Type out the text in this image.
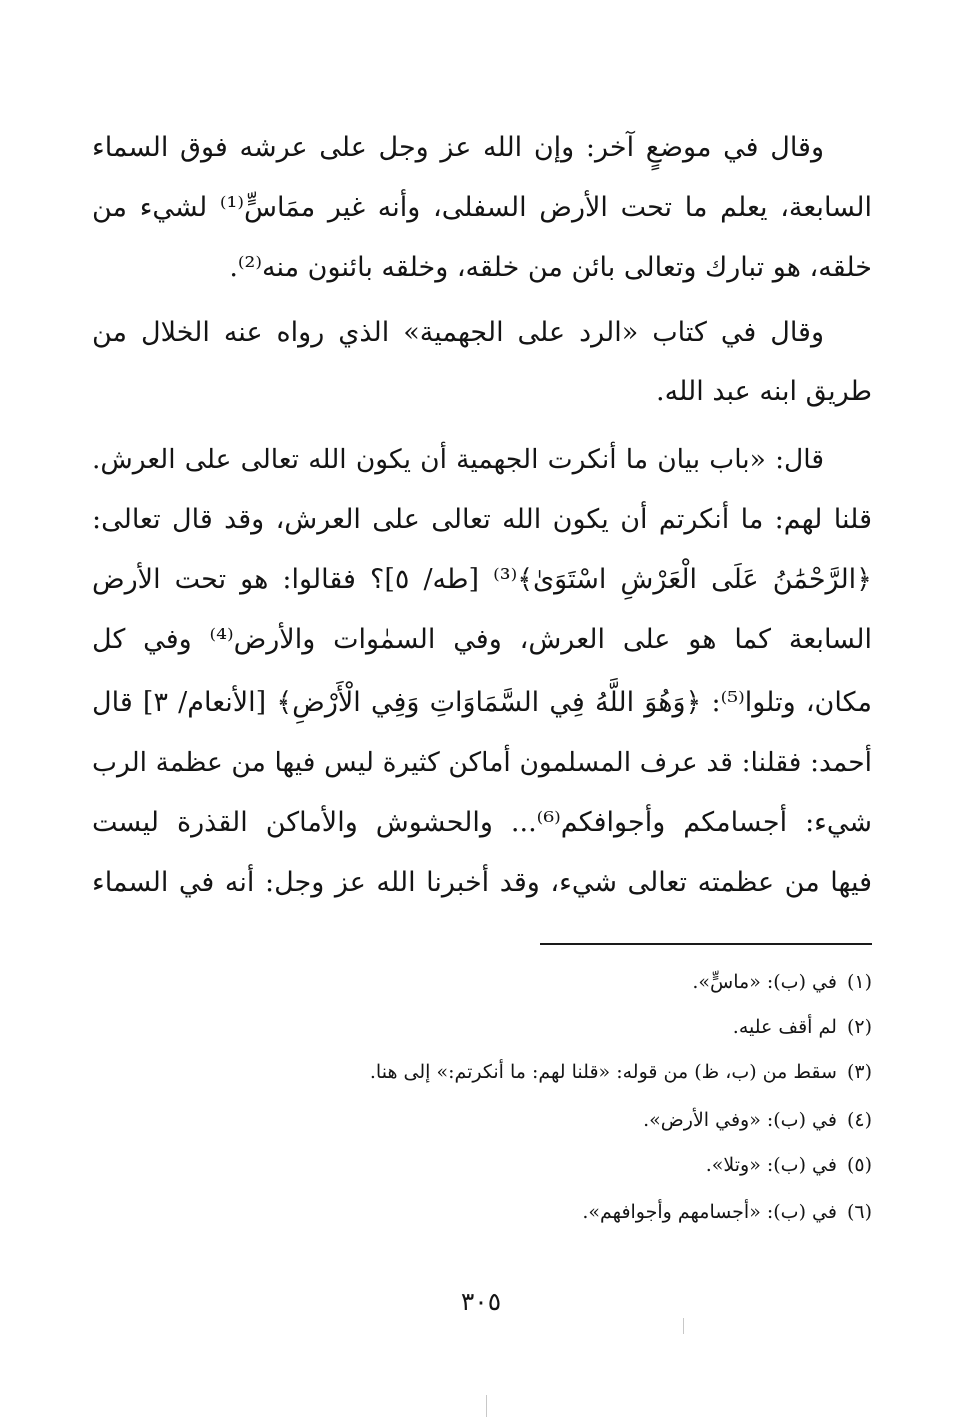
وقال في موضعٍ آخر: وإن الله عز وجل على عرشه فوق السماء
السابعة، يعلم ما تحت الأرض السفلى، وأنه غير ممَاسٍّ⁽¹⁾ لشيء من
خلقه، هو تبارك وتعالى بائن من خلقه، وخلقه بائنون منه⁽²⁾.
وقال في كتاب «الرد على الجهمية» الذي رواه عنه الخلال من
طريق ابنه عبد الله.
قال: «باب بيان ما أنكرت الجهمية أن يكون الله تعالى على العرش.
قلنا لهم: ما أنكرتم أن يكون الله تعالى على العرش، وقد قال تعالى:
﴿الرَّحْمَٰنُ عَلَى الْعَرْشِ اسْتَوَىٰ﴾⁽³⁾ [طه/ ٥]؟ فقالوا: هو تحت الأرض
السابعة كما هو على العرش، وفي السمٰوات والأرض⁽⁴⁾ وفي كل
مكان، وتلوا⁽⁵⁾: ﴿وَهُوَ اللَّهُ فِي السَّمَاوَاتِ وَفِي الْأَرْضِ﴾ [الأنعام/ ٣] قال
أحمد: فقلنا: قد عرف المسلمون أماكن كثيرة ليس فيها من عظمة الرب
شيء: أجسامكم وأجوافكم⁽⁶⁾... والحشوش والأماكن القذرة ليست
فيها من عظمته تعالى شيء، وقد أخبرنا الله عز وجل: أنه في السماء
(١)في (ب): «ماسٍّ».
(٢)لم أقف عليه.
(٣)سقط من (ب، ظ) من قوله: «قلنا لهم: ما أنكرتم:» إلى هنا.
(٤)في (ب): «وفي الأرض».
(٥)في (ب): «وتلا».
(٦)في (ب): «أجسامهم وأجوافهم».
٣٠٥
